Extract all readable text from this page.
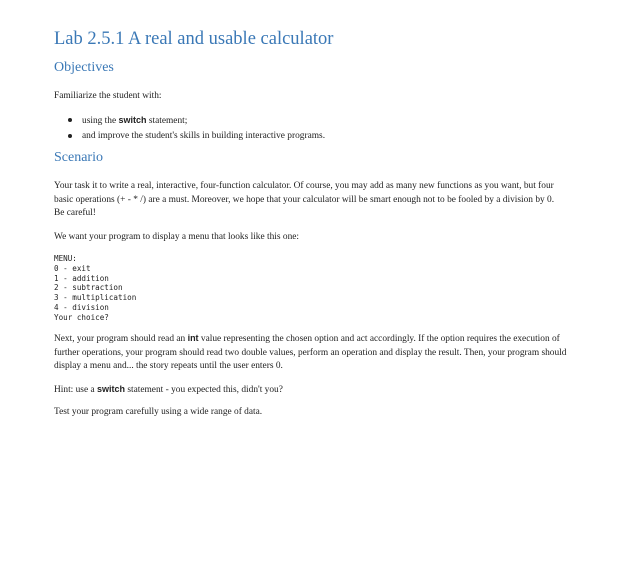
Lab 2.5.1 A real and usable calculator
Objectives

Familiarize the student with:

using the switch statement;
and improve the student's skills in building interactive programs.
Scenario

Your task it to write a real, interactive, four-function calculator. Of course, you may add as many new functions as you want, but four
basic operations (+ - * /) are a must. Moreover, we hope that your calculator will be smart enough not to be fooled by a division by 0.
Be careful!

We want your program to display a menu that looks like this one:

MENU:
0 - exit
1 - addition
2 - subtraction
3 - multiplication
4 - division
Your choice?

Next, your program should read an int value representing the chosen option and act accordingly. If the option requires the execution of
further operations, your program should read two double values, perform an operation and display the result. Then, your program should
display a menu and... the story repeats until the user enters 0.

Hint: use a switch statement - you expected this, didn't you?

Test your program carefully using a wide range of data.
